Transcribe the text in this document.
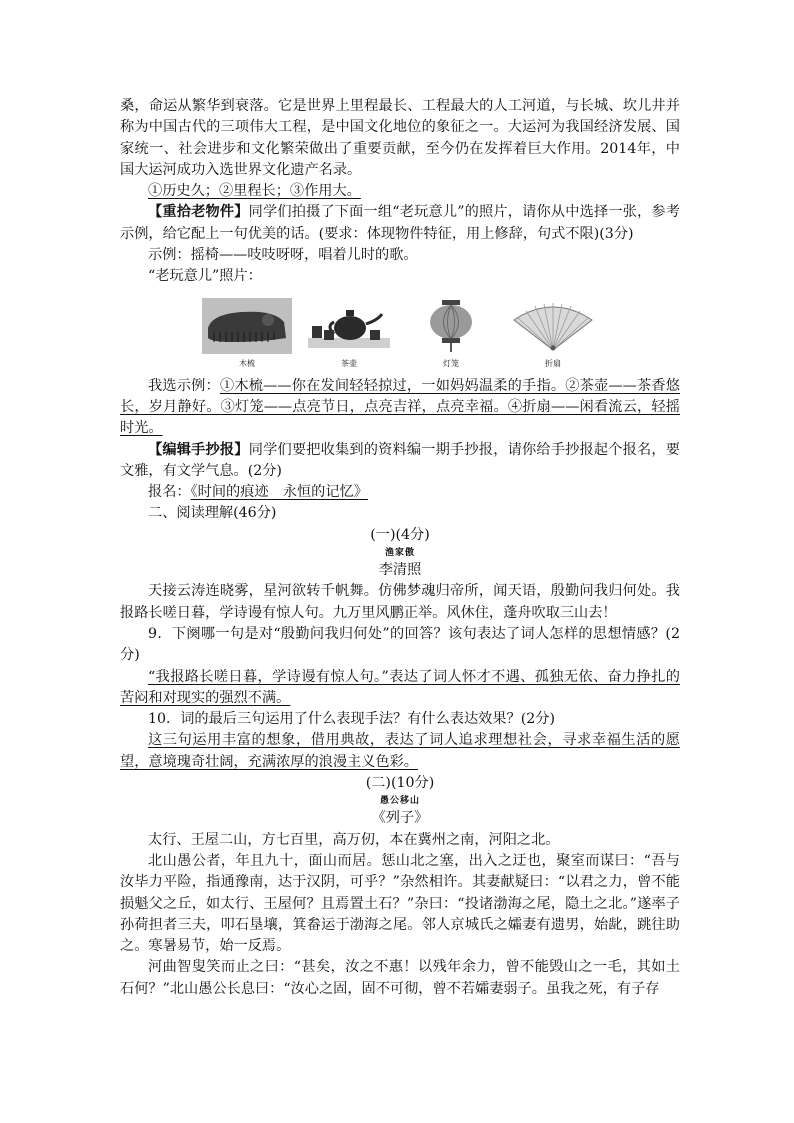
桑，命运从繁华到衰落。它是世界上里程最长、工程最大的人工河道，与长城、坎儿井并称为中国古代的三项伟大工程，是中国文化地位的象征之一。大运河为我国经济发展、国家统一、社会进步和文化繁荣做出了重要贡献，至今仍在发挥着巨大作用。2014年，中国大运河成功入选世界文化遗产名录。

①历史久；②里程长；③作用大。

【重拾老物件】同学们拍摄了下面一组“老玩意儿”的照片，请你从中选择一张，参考示例，给它配上一句优美的话。(要求：体现物件特征，用上修辞，句式不限)(3分)

示例：摇椅——吱吱呀呀，唱着儿时的歌。

“老玩意儿”照片：

木梳	茶壶	灯笼	折扇

我选示例：①木梳——你在发间轻轻掠过，一如妈妈温柔的手指。②茶壶——茶香悠长，岁月静好。③灯笼——点亮节日，点亮吉祥，点亮幸福。④折扇——闲看流云，轻摇时光。

【编辑手抄报】同学们要把收集到的资料编一期手抄报，请你给手抄报起个报名，要文雅，有文学气息。(2分)

报名：《时间的痕迹　永恒的记忆》

二、阅读理解(46分)

(一)(4分)

渔家傲

李清照

天接云涛连晓雾，星河欲转千帆舞。仿佛梦魂归帝所，闻天语，殷勤问我归何处。我报路长嗟日暮，学诗谩有惊人句。九万里风鹏正举。风休住，蓬舟吹取三山去！

9．下阕哪一句是对“殷勤问我归何处”的回答？该句表达了词人怎样的思想情感？(2分)

“我报路长嗟日暮，学诗谩有惊人句。”表达了词人怀才不遇、孤独无依、奋力挣扎的苦闷和对现实的强烈不满。

10．词的最后三句运用了什么表现手法？有什么表达效果？(2分)

这三句运用丰富的想象，借用典故，表达了词人追求理想社会，寻求幸福生活的愿望，意境瑰奇壮阔，充满浓厚的浪漫主义色彩。

(二)(10分)

愚公移山

《列子》

太行、王屋二山，方七百里，高万仞，本在冀州之南，河阳之北。

北山愚公者，年且九十，面山而居。惩山北之塞，出入之迂也，聚室而谋曰：“吾与汝毕力平险，指通豫南，达于汉阴，可乎？”杂然相许。其妻献疑曰：“以君之力，曾不能损魁父之丘，如太行、王屋何？且焉置土石？”杂曰：“投诸渤海之尾，隐土之北。”遂率子孙荷担者三夫，叩石垦壤，箕畚运于渤海之尾。邻人京城氏之孀妻有遗男，始龀，跳往助之。寒暑易节，始一反焉。

河曲智叟笑而止之曰：“甚矣，汝之不惠！以残年余力，曾不能毁山之一毛，其如土石何？”北山愚公长息曰：“汝心之固，固不可彻，曾不若孀妻弱子。虽我之死，有子存
